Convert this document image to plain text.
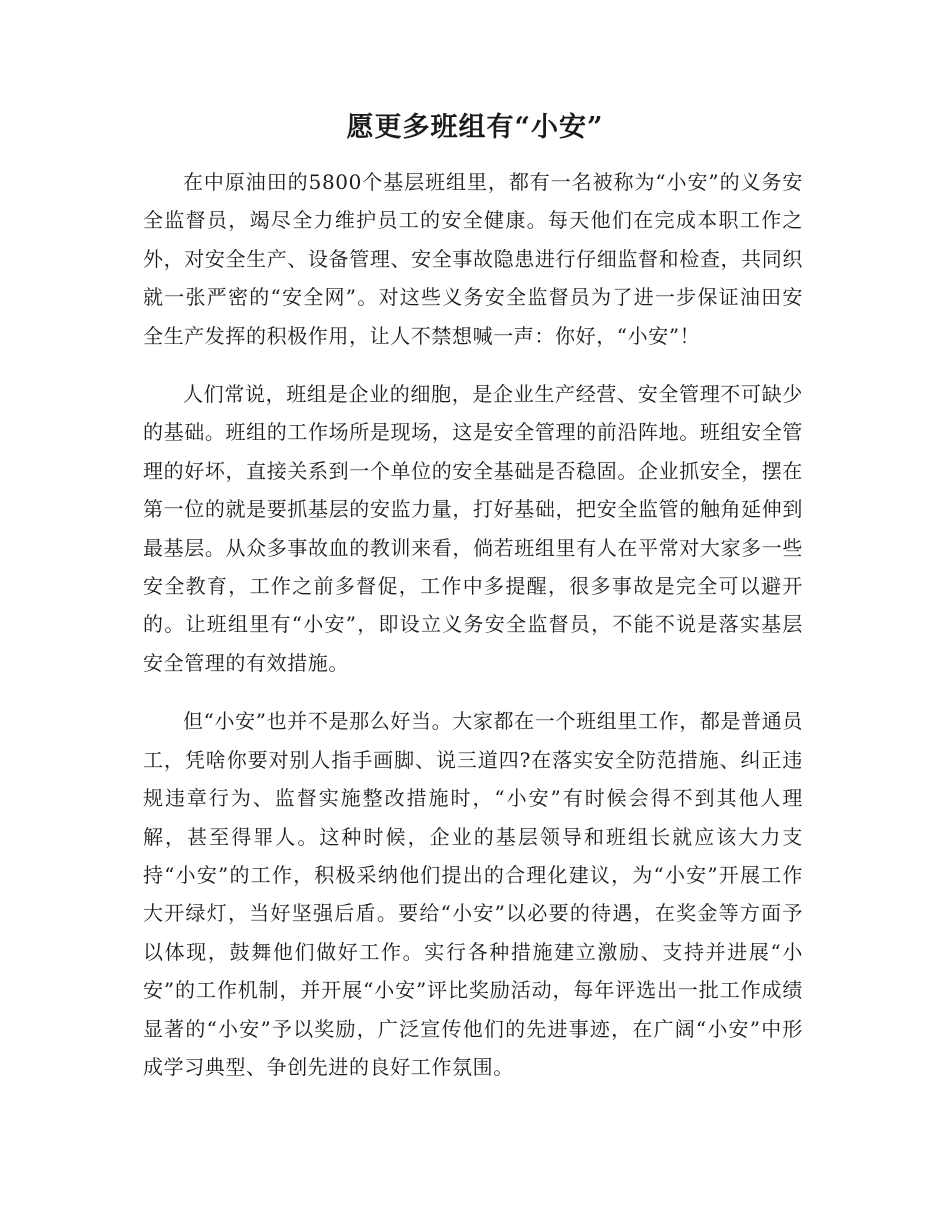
愿更多班组有“小安”

在中原油田的5800个基层班组里，都有一名被称为“小安”的义务安全监督员，竭尽全力维护员工的安全健康。每天他们在完成本职工作之外，对安全生产、设备管理、安全事故隐患进行仔细监督和检查，共同织就一张严密的“安全网”。对这些义务安全监督员为了进一步保证油田安全生产发挥的积极作用，让人不禁想喊一声：你好，“小安”！

人们常说，班组是企业的细胞，是企业生产经营、安全管理不可缺少的基础。班组的工作场所是现场，这是安全管理的前沿阵地。班组安全管理的好坏，直接关系到一个单位的安全基础是否稳固。企业抓安全，摆在第一位的就是要抓基层的安监力量，打好基础，把安全监管的触角延伸到最基层。从众多事故血的教训来看，倘若班组里有人在平常对大家多一些安全教育，工作之前多督促，工作中多提醒，很多事故是完全可以避开的。让班组里有“小安”，即设立义务安全监督员，不能不说是落实基层安全管理的有效措施。

但“小安”也并不是那么好当。大家都在一个班组里工作，都是普通员工，凭啥你要对别人指手画脚、说三道四?在落实安全防范措施、纠正违规违章行为、监督实施整改措施时，“小安”有时候会得不到其他人理解，甚至得罪人。这种时候，企业的基层领导和班组长就应该大力支持“小安”的工作，积极采纳他们提出的合理化建议，为“小安”开展工作大开绿灯，当好坚强后盾。要给“小安”以必要的待遇，在奖金等方面予以体现，鼓舞他们做好工作。实行各种措施建立激励、支持并进展“小安”的工作机制，并开展“小安”评比奖励活动，每年评选出一批工作成绩显著的“小安”予以奖励，广泛宣传他们的先进事迹，在广阔“小安”中形成学习典型、争创先进的良好工作氛围。
